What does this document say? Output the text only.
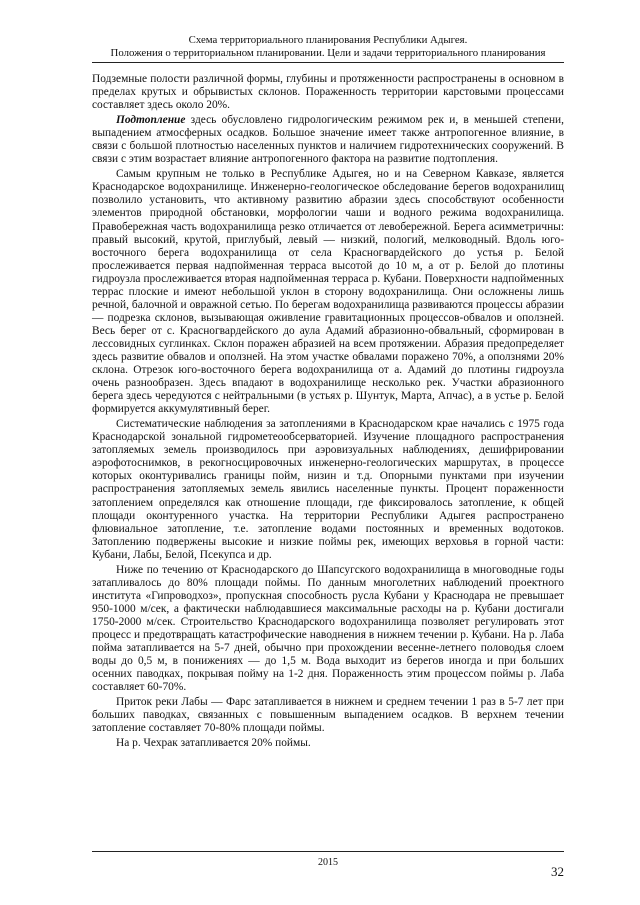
Схема территориального планирования Республики Адыгея.

Положения о территориальном планировании. Цели и задачи территориального планирования

Подземные полости различной формы, глубины и протяженности распространены в основном в пределах крутых и обрывистых склонов. Пораженность территории карстовыми процессами составляет здесь около 20%.

Подтопление здесь обусловлено гидрологическим режимом рек и, в меньшей степени, выпадением атмосферных осадков. Большое значение имеет также антропогенное влияние, в связи с большой плотностью населенных пунктов и наличием гидротехнических сооружений. В связи с этим возрастает влияние антропогенного фактора на развитие подтопления.

Самым крупным не только в Республике Адыгея, но и на Северном Кавказе, является Краснодарское водохранилище. Инженерно-геологическое обследование берегов водохранилищ позволило установить, что активному развитию абразии здесь способствуют особенности элементов природной обстановки, морфологии чаши и водного режима водохранилища. Правобережная часть водохранилища резко отличается от левобережной. Берега асимметричны: правый высокий, крутой, приглубый, левый — низкий, пологий, мелководный. Вдоль юго-восточного берега водохранилища от села Красногвардейского до устья р. Белой прослеживается первая надпойменная терраса высотой до 10 м, а от р. Белой до плотины гидроузла прослеживается вторая надпойменная терраса р. Кубани. Поверхности надпойменных террас плоские и имеют небольшой уклон в сторону водохранилища. Они осложнены лишь речной, балочной и овражной сетью. По берегам водохранилища развиваются процессы абразии — подрезка склонов, вызывающая оживление гравитационных процессов-обвалов и оползней. Весь берег от с. Красногвардейского до аула Адамий абразионно-обвальный, сформирован в лессовидных суглинках. Склон поражен абразией на всем протяжении. Абразия предопределяет здесь развитие обвалов и оползней. На этом участке обвалами поражено 70%, а оползнями 20% склона. Отрезок юго-восточного берега водохранилища от а. Адамий до плотины гидроузла очень разнообразен. Здесь впадают в водохранилище несколько рек. Участки абразионного берега здесь чередуются с нейтральными (в устьях р. Шунтук, Марта, Апчас), а в устье р. Белой формируется аккумулятивный берег.

Систематические наблюдения за затоплениями в Краснодарском крае начались с 1975 года Краснодарской зональной гидрометеообсерваторией. Изучение площадного распространения затопляемых земель производилось при аэровизуальных наблюдениях, дешифрировании аэрофотоснимков, в рекогносцировочных инженерно-геологических маршрутах, в процессе которых оконтуривались границы пойм, низин и т.д. Опорными пунктами при изучении распространения затопляемых земель явились населенные пункты. Процент пораженности затоплением определялся как отношение площади, где фиксировалось затопление, к общей площади оконтуренного участка. На территории Республики Адыгея распространено флювиальное затопление, т.е. затопление водами постоянных и временных водотоков. Затоплению подвержены высокие и низкие поймы рек, имеющих верховья в горной части: Кубани, Лабы, Белой, Псекупса и др.

Ниже по течению от Краснодарского до Шапсугского водохранилища в многоводные годы затапливалось до 80% площади поймы. По данным многолетних наблюдений проектного института «Гипроводхоз», пропускная способность русла Кубани у Краснодара не превышает 950-1000 м/сек, а фактически наблюдавшиеся максимальные расходы на р. Кубани достигали 1750-2000 м/сек. Строительство Краснодарского водохранилища позволяет регулировать этот процесс и предотвращать катастрофические наводнения в нижнем течении р. Кубани. На р. Лаба пойма затапливается на 5-7 дней, обычно при прохождении весенне-летнего половодья слоем воды до 0,5 м, в понижениях — до 1,5 м. Вода выходит из берегов иногда и при больших осенних паводках, покрывая пойму на 1-2 дня. Пораженность этим процессом поймы р. Лаба составляет 60-70%.

Приток реки Лабы — Фарс затапливается в нижнем и среднем течении 1 раз в 5-7 лет при больших паводках, связанных с повышенным выпадением осадков. В верхнем течении затопление составляет 70-80% площади поймы.

На р. Чехрак затапливается 20% поймы.

2015
32
